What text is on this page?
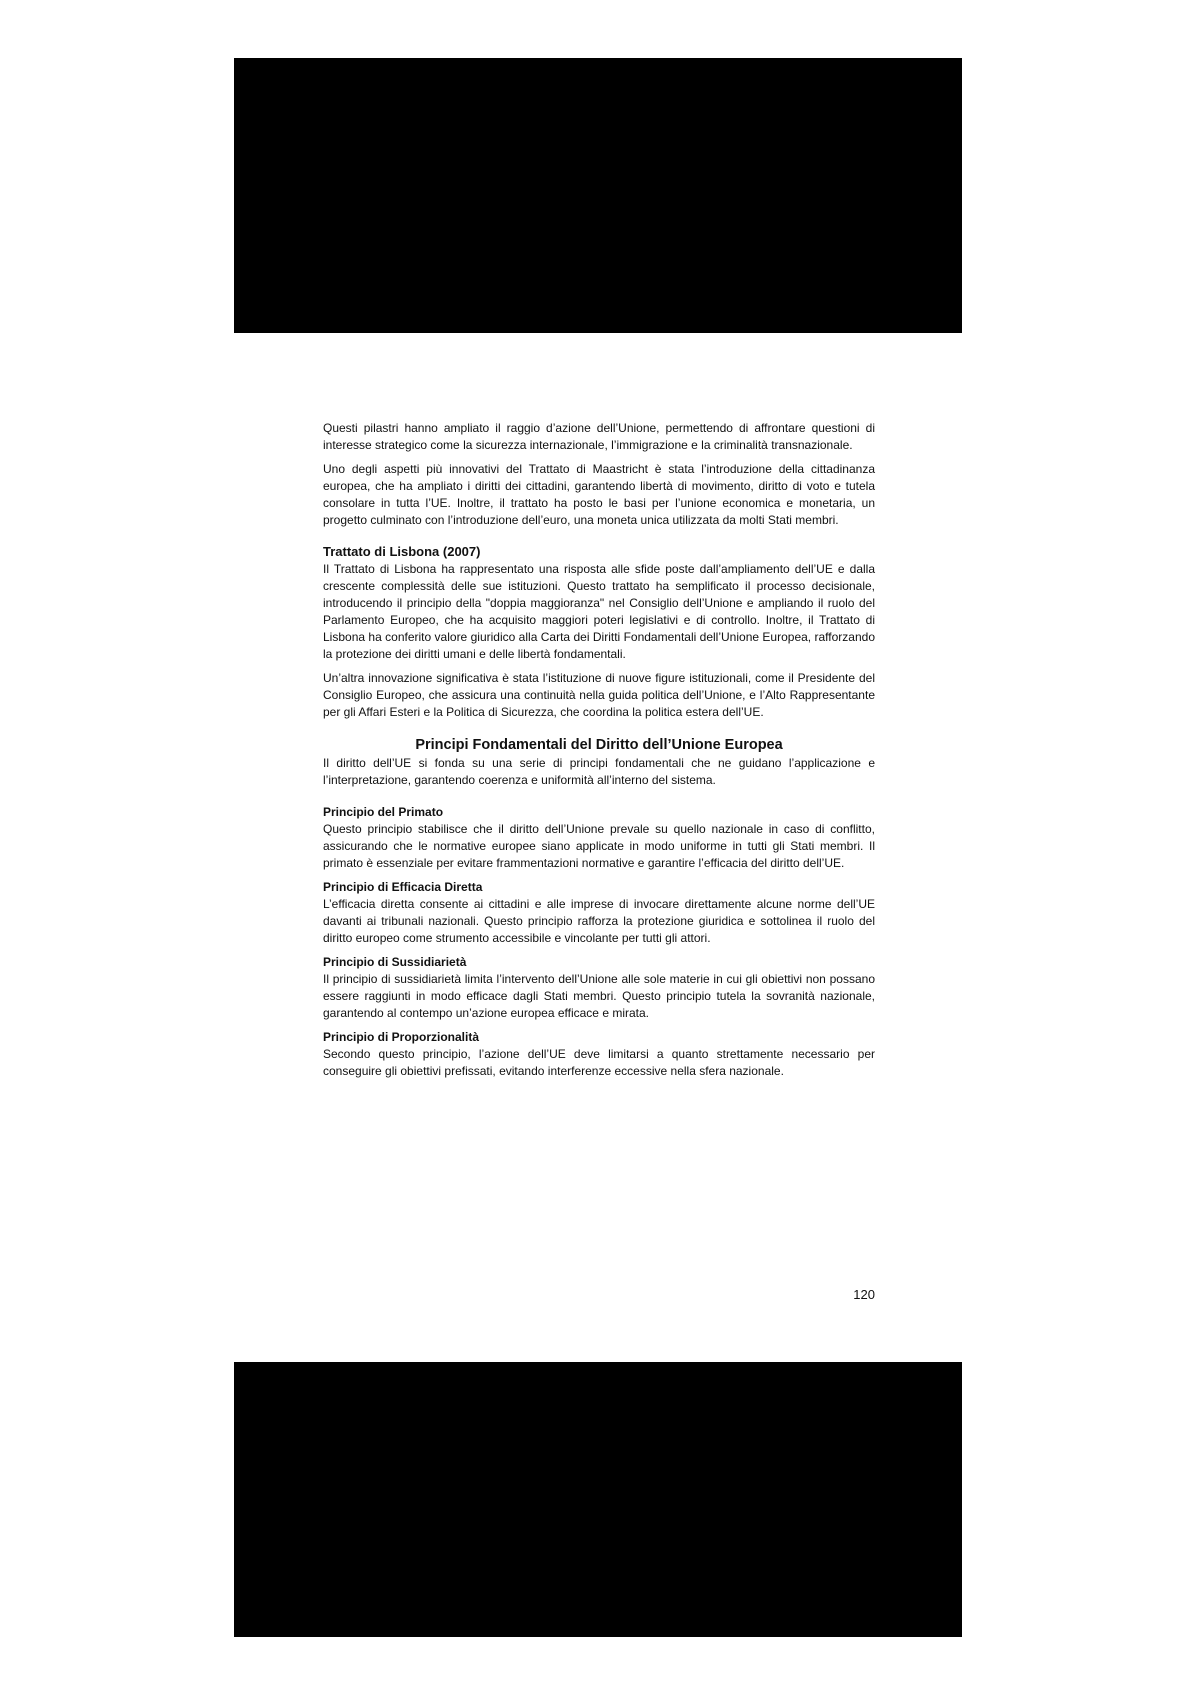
Questi pilastri hanno ampliato il raggio d’azione dell’Unione, permettendo di affrontare questioni di interesse strategico come la sicurezza internazionale, l’immigrazione e la criminalità transnazionale.

Uno degli aspetti più innovativi del Trattato di Maastricht è stata l’introduzione della cittadinanza europea, che ha ampliato i diritti dei cittadini, garantendo libertà di movimento, diritto di voto e tutela consolare in tutta l’UE. Inoltre, il trattato ha posto le basi per l’unione economica e monetaria, un progetto culminato con l’introduzione dell’euro, una moneta unica utilizzata da molti Stati membri.

Trattato di Lisbona (2007)

Il Trattato di Lisbona ha rappresentato una risposta alle sfide poste dall’ampliamento dell’UE e dalla crescente complessità delle sue istituzioni. Questo trattato ha semplificato il processo decisionale, introducendo il principio della "doppia maggioranza" nel Consiglio dell’Unione e ampliando il ruolo del Parlamento Europeo, che ha acquisito maggiori poteri legislativi e di controllo. Inoltre, il Trattato di Lisbona ha conferito valore giuridico alla Carta dei Diritti Fondamentali dell’Unione Europea, rafforzando la protezione dei diritti umani e delle libertà fondamentali.

Un’altra innovazione significativa è stata l’istituzione di nuove figure istituzionali, come il Presidente del Consiglio Europeo, che assicura una continuità nella guida politica dell’Unione, e l’Alto Rappresentante per gli Affari Esteri e la Politica di Sicurezza, che coordina la politica estera dell’UE.

Principi Fondamentali del Diritto dell’Unione Europea

Il diritto dell’UE si fonda su una serie di principi fondamentali che ne guidano l’applicazione e l’interpretazione, garantendo coerenza e uniformità all’interno del sistema.

Principio del Primato

Questo principio stabilisce che il diritto dell’Unione prevale su quello nazionale in caso di conflitto, assicurando che le normative europee siano applicate in modo uniforme in tutti gli Stati membri. Il primato è essenziale per evitare frammentazioni normative e garantire l’efficacia del diritto dell’UE.

Principio di Efficacia Diretta

L’efficacia diretta consente ai cittadini e alle imprese di invocare direttamente alcune norme dell’UE davanti ai tribunali nazionali. Questo principio rafforza la protezione giuridica e sottolinea il ruolo del diritto europeo come strumento accessibile e vincolante per tutti gli attori.

Principio di Sussidiarietà

Il principio di sussidiarietà limita l’intervento dell’Unione alle sole materie in cui gli obiettivi non possano essere raggiunti in modo efficace dagli Stati membri. Questo principio tutela la sovranità nazionale, garantendo al contempo un’azione europea efficace e mirata.

Principio di Proporzionalità

Secondo questo principio, l’azione dell’UE deve limitarsi a quanto strettamente necessario per conseguire gli obiettivi prefissati, evitando interferenze eccessive nella sfera nazionale.

120
